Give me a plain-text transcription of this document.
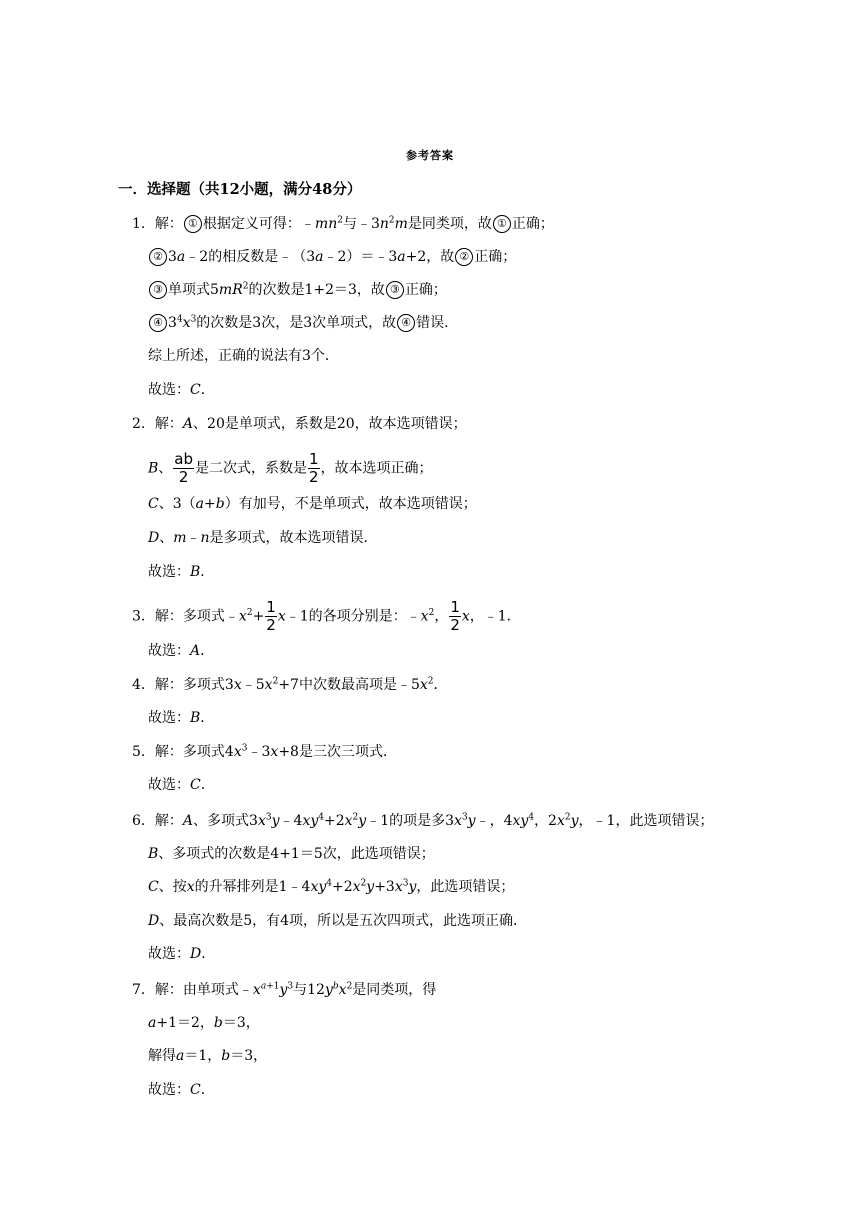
参考答案
一．选择题（共12小题，满分48分）
1．解： ① 根据定义可得：$﹣mn^2$与$﹣3n^2m$是同类项，故 ① 正确；
② 3a﹣2的相反数是﹣（3a﹣2）＝﹣3a+2，故 ② 正确；
③ 单项式$5mR^2$的次数是1+2＝3，故 ③ 正确；
④ $3^4x^3$的次数是3次，是3次单项式，故 ④ 错误．
综上所述，正确的说法有3个．
故选：C．
2．解：A、20是单项式，系数是20，故本选项错误；
B、 $\frac{ab}{2}$ 是二次式，系数是 $\frac{1}{2}$ ，故本选项正确；
C、3（a+b）有加号，不是单项式，故本选项错误；
D、m﹣n是多项式，故本选项错误．
故选：B．
3．解：多项式$﹣x^2+ \frac{1}{2}$ x﹣1的各项分别是：$﹣x^2$， $\frac{1}{2}$ x，﹣1．
故选：A．
4．解：多项式$3x﹣5x^2+7$中次数最高项是$﹣5x^2$．
故选：B．
5．解：多项式$4x^3﹣3x+8$是三次三项式．
故选：C．
6．解：A、多项式$3x^3y﹣4xy^4+2x^2y﹣1$的项是多$3x^3y﹣$，$4xy^4$，$2x^2y$，﹣1，此选项错误；
B、多项式的次数是4+1＝5次，此选项错误；
C、按x的升幂排列是$1﹣4xy^4+2x^2y+3x^3y$，此选项错误；
D、最高次数是5，有4项，所以是五次四项式，此选项正确．
故选：D．
7．解：由单项式$﹣x^{a+1}y^3$与$12y^bx^2$是同类项，得
a+1＝2，b＝3，
解得a＝1，b＝3，
故选：C．
